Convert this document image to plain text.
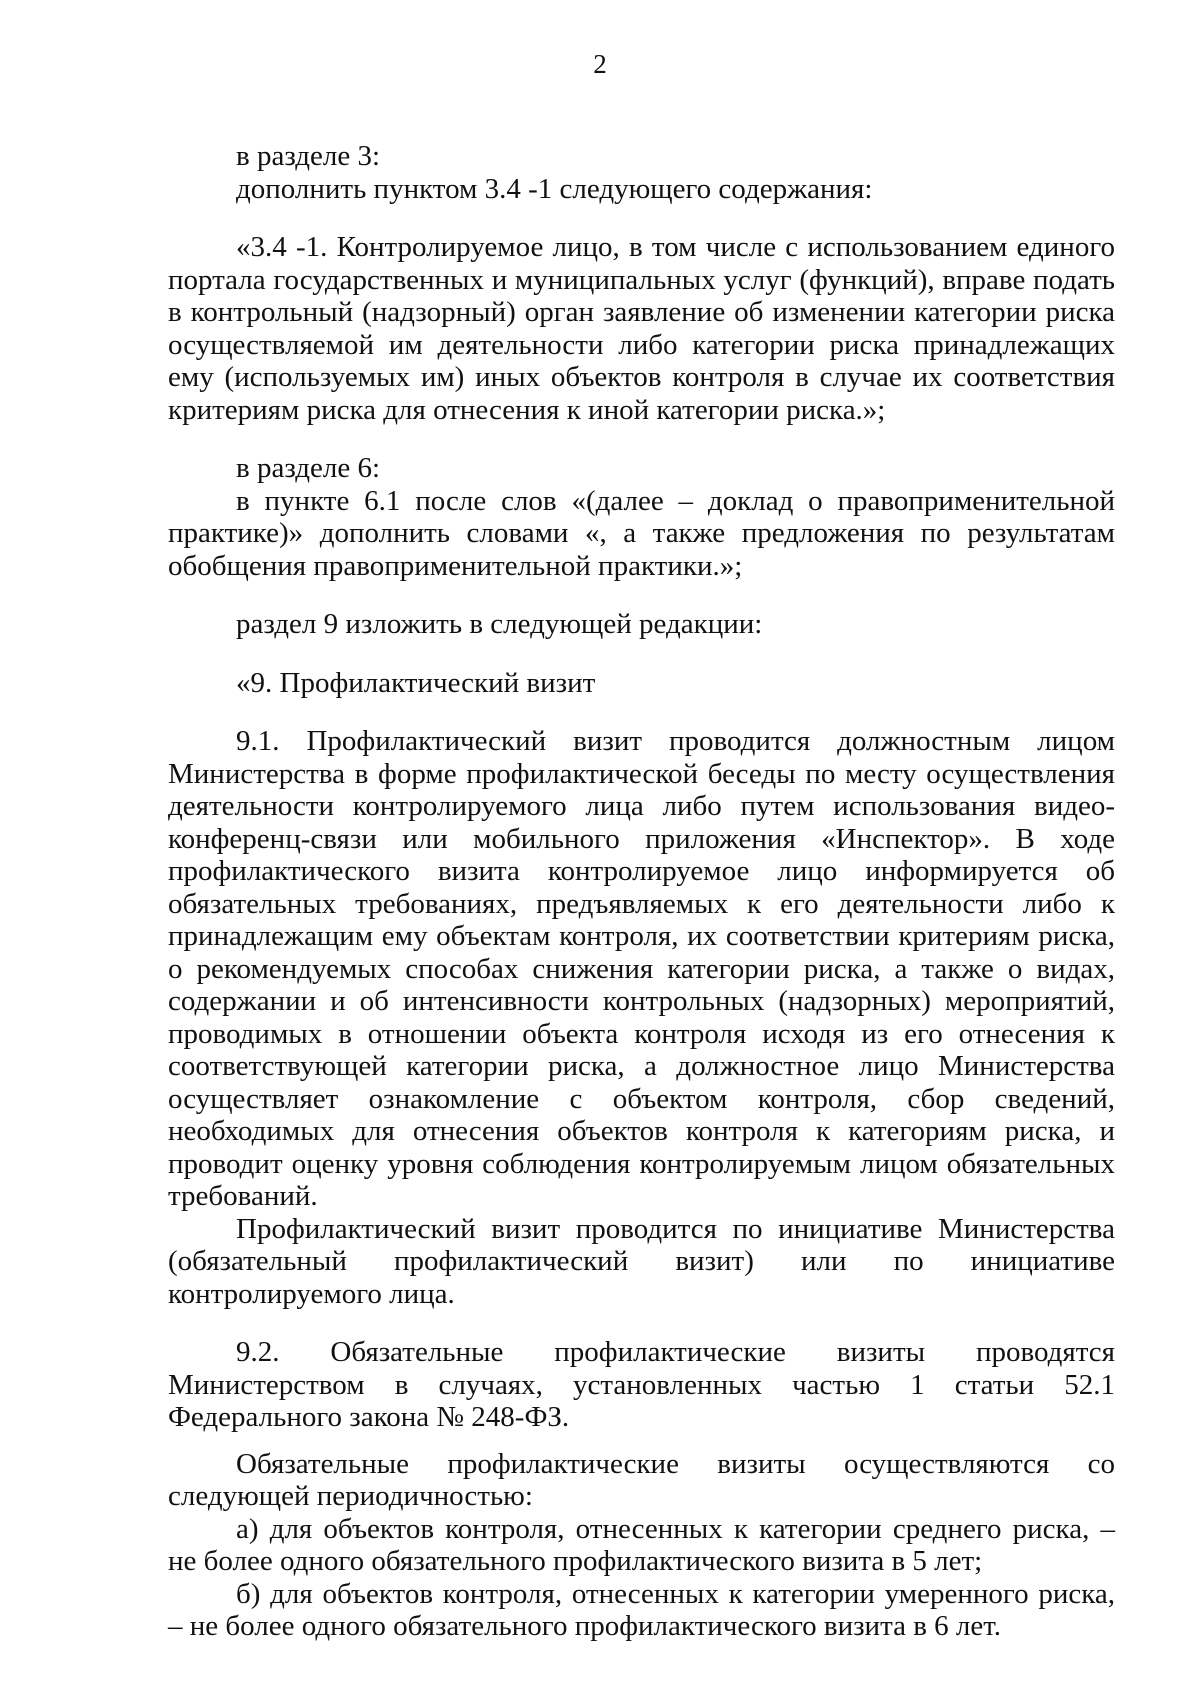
2

в разделе 3:

дополнить пунктом 3.4 -1 следующего содержания:

«3.4 -1. Контролируемое лицо, в том числе с использованием единого портала государственных и муниципальных услуг (функций), вправе подать в контрольный (надзорный) орган заявление об изменении категории риска осуществляемой им деятельности либо категории риска принадлежащих ему (используемых им) иных объектов контроля в случае их соответствия критериям риска для отнесения к иной категории риска.»;

в разделе 6:

в пункте 6.1 после слов «(далее – доклад о правоприменительной практике)» дополнить словами «, а также предложения по результатам обобщения правоприменительной практики.»;

раздел 9 изложить в следующей редакции:

«9. Профилактический визит

9.1. Профилактический визит проводится должностным лицом Министерства в форме профилактической беседы по месту осуществления деятельности контролируемого лица либо путем использования видео-конференц-связи или мобильного приложения «Инспектор». В ходе профилактического визита контролируемое лицо информируется об обязательных требованиях, предъявляемых к его деятельности либо к принадлежащим ему объектам контроля, их соответствии критериям риска, о рекомендуемых способах снижения категории риска, а также о видах, содержании и об интенсивности контрольных (надзорных) мероприятий, проводимых в отношении объекта контроля исходя из его отнесения к соответствующей категории риска, а должностное лицо Министерства осуществляет ознакомление с объектом контроля, сбор сведений, необходимых для отнесения объектов контроля к категориям риска, и проводит оценку уровня соблюдения контролируемым лицом обязательных требований.

Профилактический визит проводится по инициативе Министерства (обязательный профилактический визит) или по инициативе контролируемого лица.

9.2. Обязательные профилактические визиты проводятся Министерством в случаях, установленных частью 1 статьи 52.1 Федерального закона № 248-ФЗ.

Обязательные профилактические визиты осуществляются со следующей периодичностью:

а) для объектов контроля, отнесенных к категории среднего риска, – не более одного обязательного профилактического визита в 5 лет;

б) для объектов контроля, отнесенных к категории умеренного риска, – не более одного обязательного профилактического визита в 6 лет.
